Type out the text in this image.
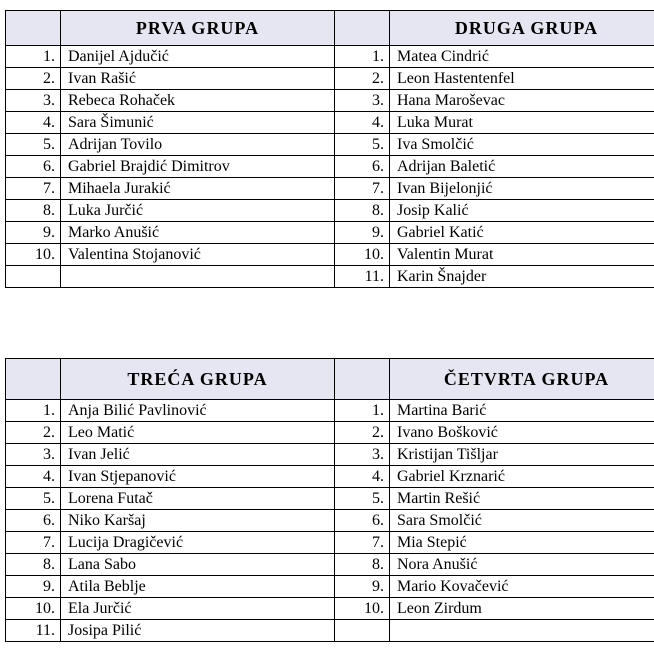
	PRVA GRUPA		DRUGA GRUPA
1.	Danijel Ajdučić	1.	Matea Cindrić
2.	Ivan Rašić	2.	Leon Hastentenfel
3.	Rebeca Rohaček	3.	Hana Maroševac
4.	Sara Šimunić	4.	Luka Murat
5.	Adrijan Tovilo	5.	Iva Smolčić
6.	Gabriel Brajdić Dimitrov	6.	Adrijan Baletić
7.	Mihaela Jurakić	7.	Ivan Bijelonjić
8.	Luka Jurčić	8.	Josip Kalić
9.	Marko Anušić	9.	Gabriel Katić
10.	Valentina Stojanović	10.	Valentin Murat
		11.	Karin Šnajder
	TREĆA GRUPA		ČETVRTA GRUPA
1.	Anja Bilić Pavlinović	1.	Martina Barić
2.	Leo Matić	2.	Ivano Bošković
3.	Ivan Jelić	3.	Kristijan Tišljar
4.	Ivan Stjepanović	4.	Gabriel Krznarić
5.	Lorena Futač	5.	Martin Rešić
6.	Niko Karšaj	6.	Sara Smolčić
7.	Lucija Dragičević	7.	Mia Stepić
8.	Lana Sabo	8.	Nora Anušić
9.	Atila Beblje	9.	Mario Kovačević
10.	Ela Jurčić	10.	Leon Zirdum
11.	Josipa Pilić		
